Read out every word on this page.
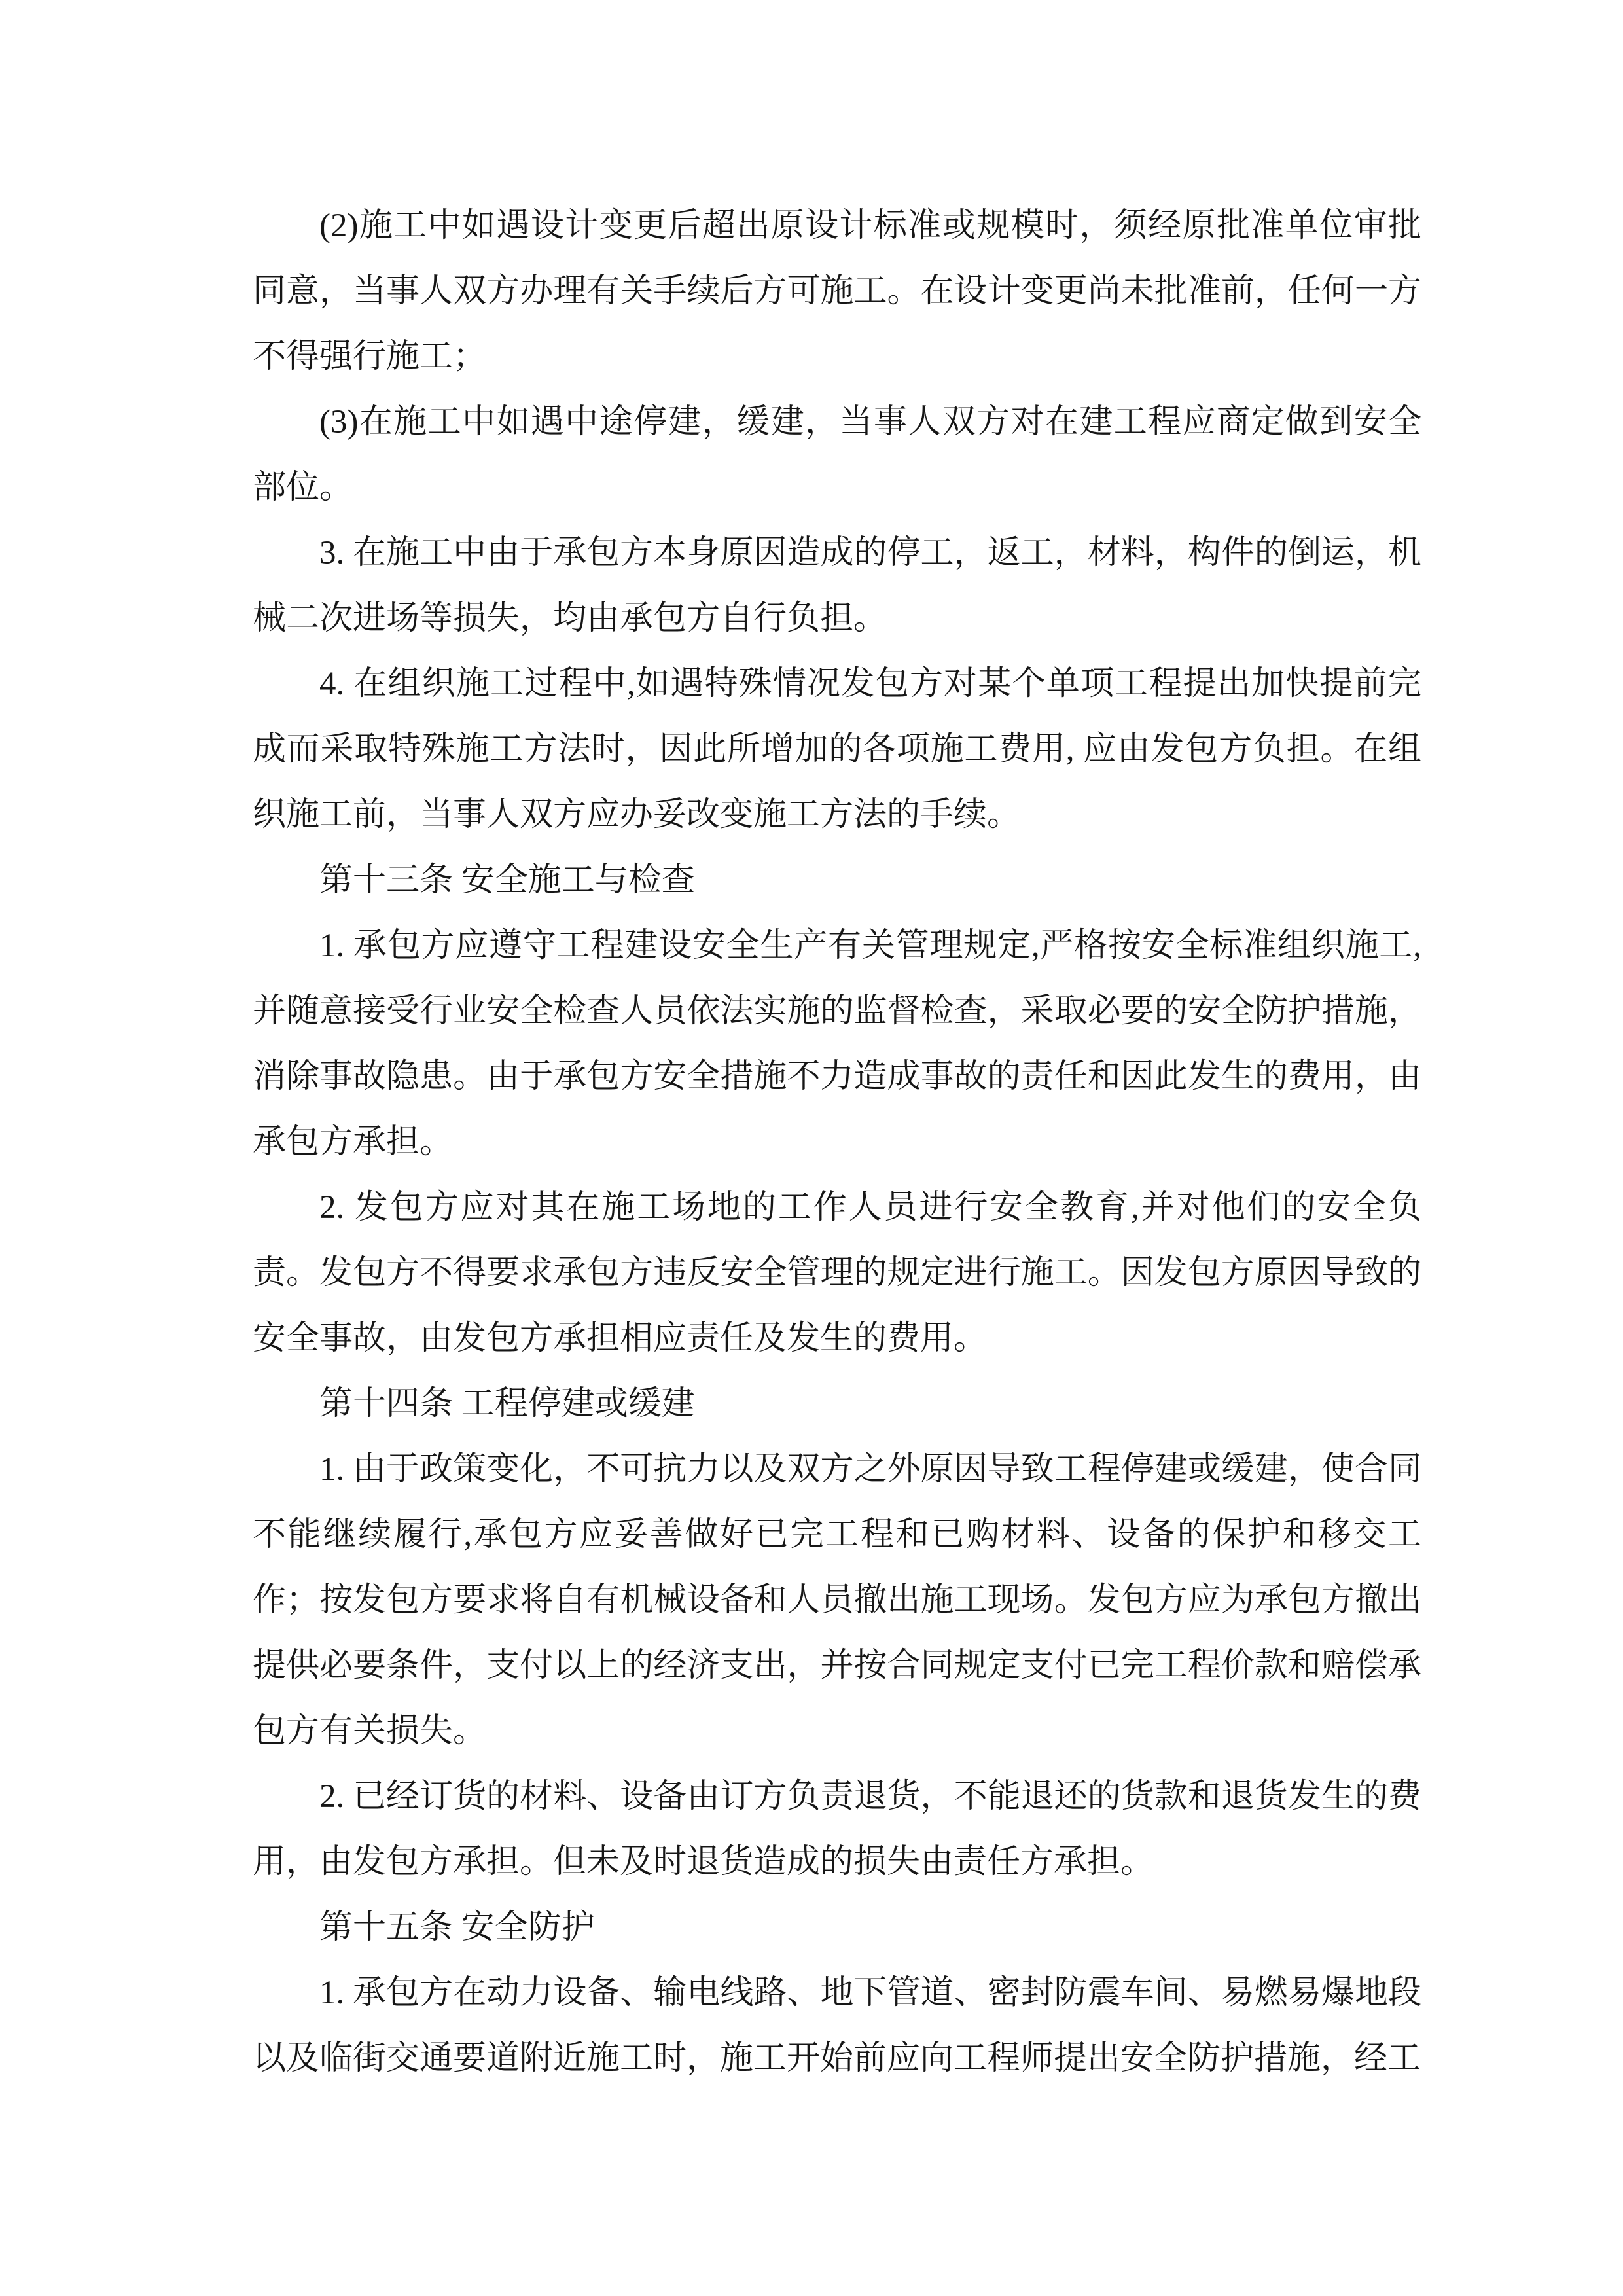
(2)施工中如遇设计变更后超出原设计标准或规模时，须经原批准单位审批同意，当事人双方办理有关手续后方可施工。在设计变更尚未批准前，任何一方不得强行施工；

(3)在施工中如遇中途停建，缓建，当事人双方对在建工程应商定做到安全部位。

3. 在施工中由于承包方本身原因造成的停工，返工，材料，构件的倒运，机械二次进场等损失，均由承包方自行负担。

4. 在组织施工过程中,如遇特殊情况发包方对某个单项工程提出加快提前完成而采取特殊施工方法时，因此所增加的各项施工费用, 应由发包方负担。在组织施工前，当事人双方应办妥改变施工方法的手续。

第十三条 安全施工与检查

1. 承包方应遵守工程建设安全生产有关管理规定,严格按安全标准组织施工,并随意接受行业安全检查人员依法实施的监督检查，采取必要的安全防护措施，消除事故隐患。由于承包方安全措施不力造成事故的责任和因此发生的费用，由承包方承担。

2. 发包方应对其在施工场地的工作人员进行安全教育,并对他们的安全负责。发包方不得要求承包方违反安全管理的规定进行施工。因发包方原因导致的安全事故，由发包方承担相应责任及发生的费用。

第十四条 工程停建或缓建

1. 由于政策变化，不可抗力以及双方之外原因导致工程停建或缓建，使合同不能继续履行,承包方应妥善做好已完工程和已购材料、设备的保护和移交工作；按发包方要求将自有机械设备和人员撤出施工现场。发包方应为承包方撤出提供必要条件，支付以上的经济支出，并按合同规定支付已完工程价款和赔偿承包方有关损失。

2. 已经订货的材料、设备由订方负责退货，不能退还的货款和退货发生的费用，由发包方承担。但未及时退货造成的损失由责任方承担。

第十五条 安全防护

1. 承包方在动力设备、输电线路、地下管道、密封防震车间、易燃易爆地段以及临街交通要道附近施工时，施工开始前应向工程师提出安全防护措施，经工
